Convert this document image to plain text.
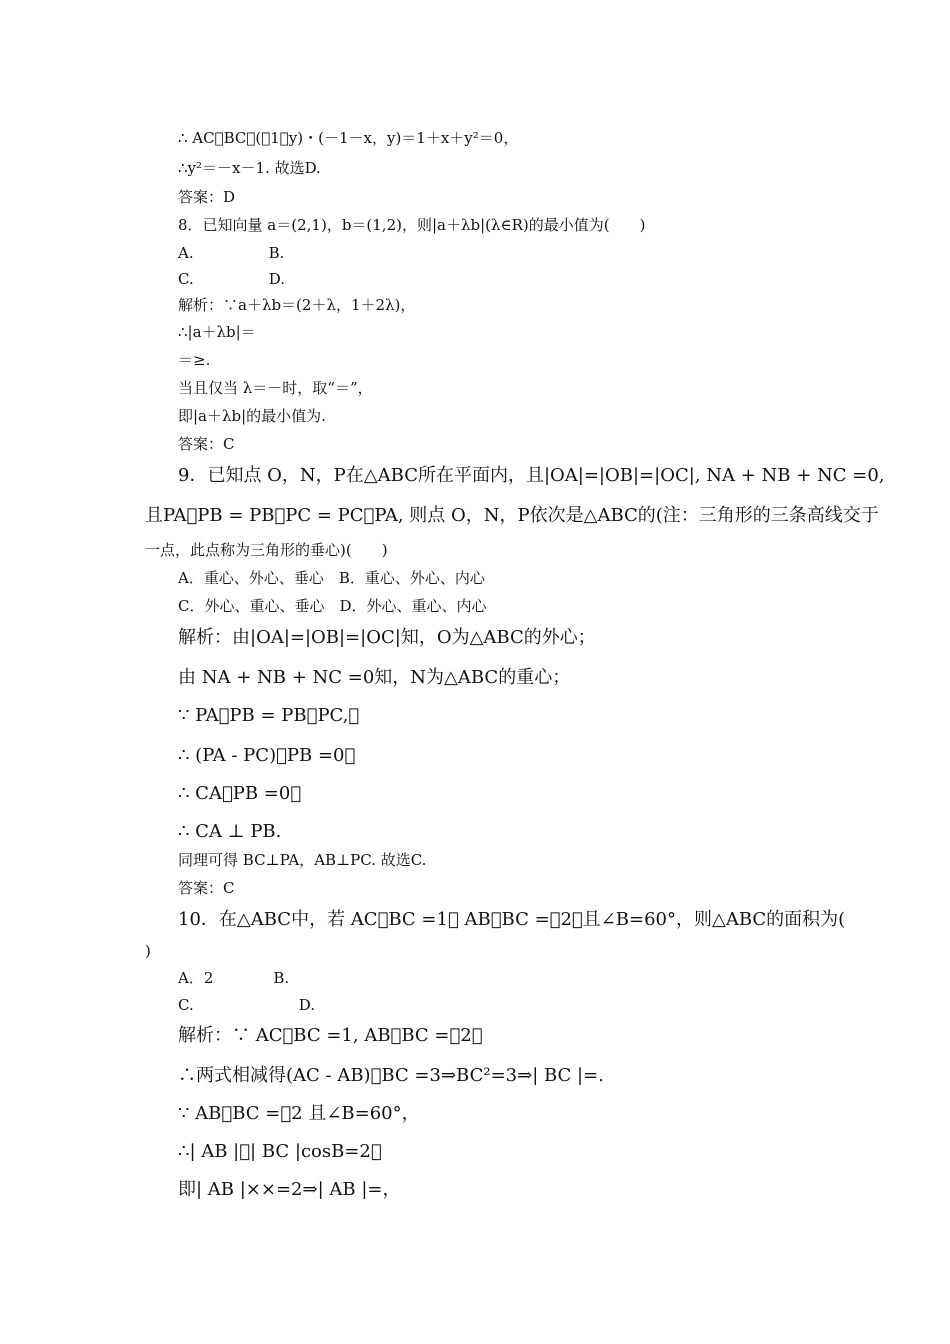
∴ AC⃞BC＝(－1，y)・(－1－x，y)＝1＋x＋y²＝0，
∴y²＝－x－1. 故选D.
答案：D
8．已知向量 a＝(2,1)，b＝(1,2)，则|a＋λb|(λ∈R)的最小值为(　　)
A.　　　　　B.
C.　　　　　D.
解析：∵a＋λb＝(2＋λ，1＋2λ)，
∴|a＋λb|＝
＝≥.
当且仅当 λ＝－时，取“＝”，
即|a＋λb|的最小值为.
答案：C
9．已知点 O，N，P在△ABC所在平面内，且|OA|=|OB|=|OC|, NA + NB + NC =0,
且PA⃞PB = PB⃞PC = PC⃞PA, 则点 O，N，P依次是△ABC的(注：三角形的三条高线交于
一点，此点称为三角形的垂心)(　　)
A．重心、外心、垂心　B．重心、外心、内心
C．外心、重心、垂心　D．外心、重心、内心
解析：由|OA|=|OB|=|OC|知，O为△ABC的外心；
由 NA + NB + NC =0知，N为△ABC的重心；
∵ PA⃞PB = PB⃞PC,，
∴ (PA - PC)⃞PB =0，
∴ CA⃞PB =0，
∴ CA ⊥ PB.
同理可得 BC⊥PA，AB⊥PC. 故选C.
答案：C
10．在△ABC中，若 AC⃞BC =1， AB⃞BC =－2，且∠B=60°，则△ABC的面积为(
)
A．2　　　　B.
C.　　　　　　　D.
解析：∵ AC⃞BC =1, AB⃞BC =－2，
∴两式相减得(AC - AB)⃞BC =3⇒BC²=3⇒| BC |=.
∵ AB⃞BC =－2 且∠B=60°，
∴| AB |⃞| BC |cosB=2，
即| AB |××=2⇒| AB |=，
